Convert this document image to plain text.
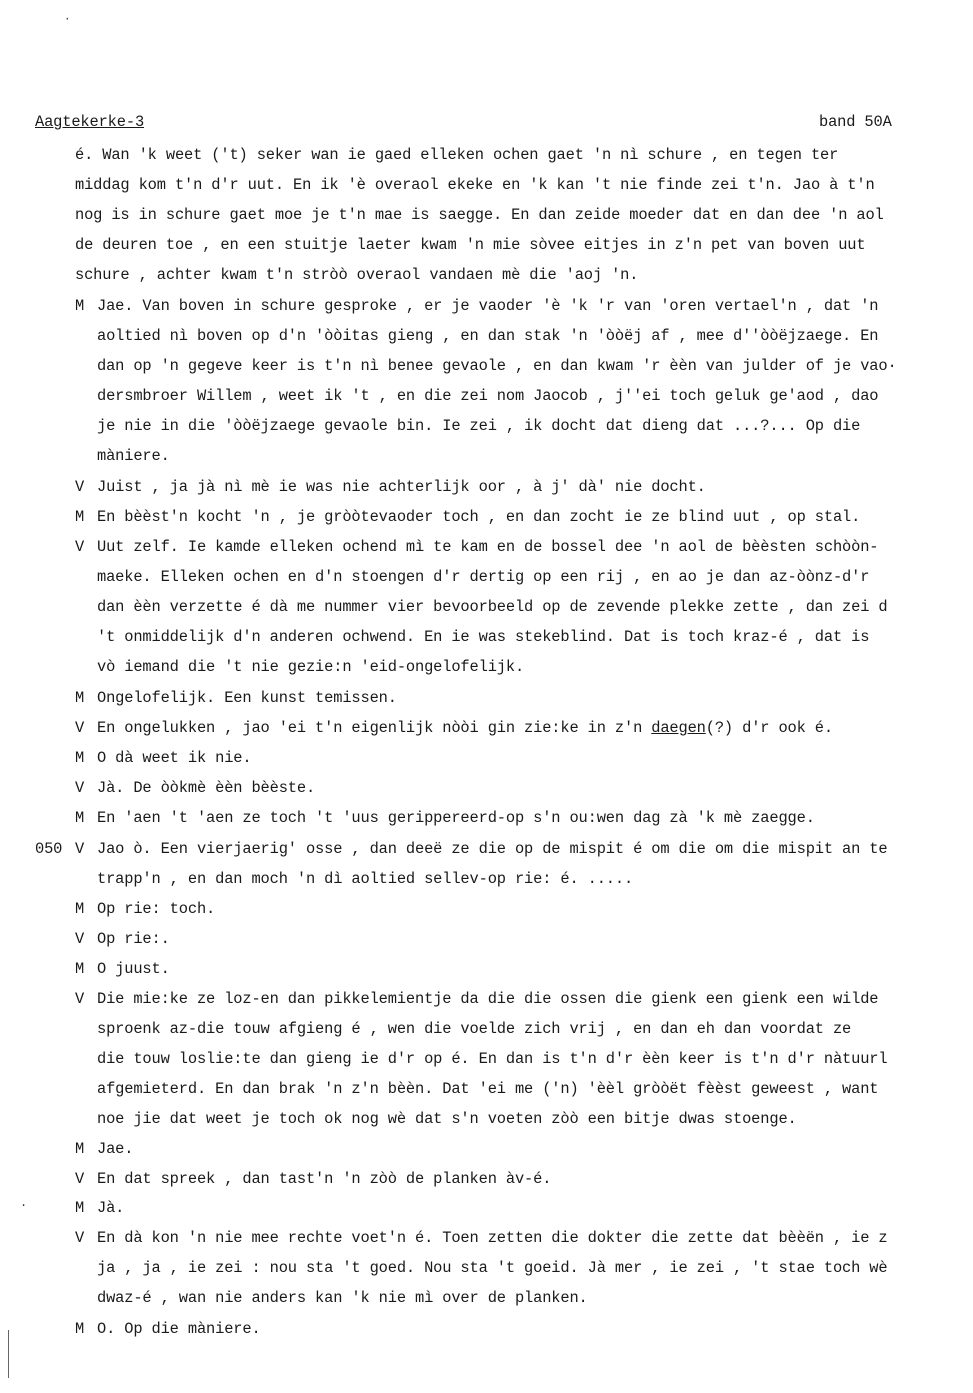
Aagtekerke-3	band 50A
é. Wan 'k weet ('t) seker wan ie gaed elleken ochen gaet 'n nì schure , en tegen ter
middag kom t'n d'r uut. En ik 'è overaol ekeke en 'k kan 't nie finde zei t'n. Jao à t'n
nog is in schure gaet moe je t'n mae is saegge. En dan zeide moeder dat en dan dee 'n aol
de deuren toe , en een stuitje laeter kwam 'n mie sòvee eitjes in z'n pet van boven uut
schure , achter kwam t'n stròò overaol vandaen mè die 'aoj 'n.
M Jae. Van boven in schure gesproke , er je vaoder 'è 'k 'r van 'oren vertael'n , dat 'n
aoltied nì boven op d'n 'òòitas gieng , en dan stak 'n 'òòëj af , mee d''òòëjzaege. En
dan op 'n gegeve keer is t'n nì benee gevaole , en dan kwam 'r èèn van julder of je vao·
dersmbroer Willem , weet ik 't , en die zei nom Jaocob , j''ei toch geluk ge'aod , dao
je nie in die 'òòëjzaege gevaole bin. Ie zei , ik docht dat dieng dat ...?... Op die
màniere.
V Juist , ja jà nì mè ie was nie achterlijk oor , à j' dà' nie docht.
M En bèèst'n kocht 'n , je gròòtevaoder toch , en dan zocht ie ze blind uut , op stal.
V Uut zelf. Ie kamde elleken ochend mì te kam en de bossel dee 'n aol de bèèsten schòòn-
maeke. Elleken ochen en d'n stoengen d'r dertig op een rij , en ao je dan az-òònz-d'r
dan èèn verzette é dà me nummer vier bevoorbeeld op de zevende plekke zette , dan zei d
't onmiddelijk d'n anderen ochwend. En ie was stekeblind. Dat is toch kraz-é , dat is
vò iemand die 't nie gezie:n 'eid-ongelofelijk.
M Ongelofelijk. Een kunst temissen.
V En ongelukken , jao 'ei t'n eigenlijk nòòi gin zie:ke in z'n daegen(?) d'r ook é.
M O dà weet ik nie.
V Jà. De òòkmè èèn bèèste.
M En 'aen 't 'aen ze toch 't 'uus gerippereerd-op s'n ou:wen dag zà 'k mè zaegge.
050 V Jao ò. Een vierjaerig' osse , dan deeë ze die op de mispit é om die om die mispit an te
trapp'n , en dan moch 'n dì aoltied sellev-op rie: é. .....
M Op rie: toch.
V Op rie:.
M O juust.
V Die mie:ke ze loz-en dan pikkelemientje da die die ossen die gienk een gienk een wilde
sproenk az-die touw afgieng é , wen die voelde zich vrij , en dan eh dan voordat ze
die touw loslie:te dan gieng ie d'r op é. En dan is t'n d'r èèn keer is t'n d'r nàtuurl
afgemieterd. En dan brak 'n z'n bèèn. Dat 'ei me ('n) 'èèl gròòët fèèst geweest , want
noe jie dat weet je toch ok nog wè dat s'n voeten zòò een bitje dwas stoenge.
M Jae.
V En dat spreek , dan tast'n 'n zòò de planken àv-é.
M Jà.
V En dà kon 'n nie mee rechte voet'n é. Toen zetten die dokter die zette dat bèèën , ie z
ja , ja , ie zei : nou sta 't goed. Nou sta 't goeid. Jà mer , ie zei , 't stae toch wè
dwaz-é , wan nie anders kan 'k nie mì over de planken.
M O. Op die màniere.
·
.
